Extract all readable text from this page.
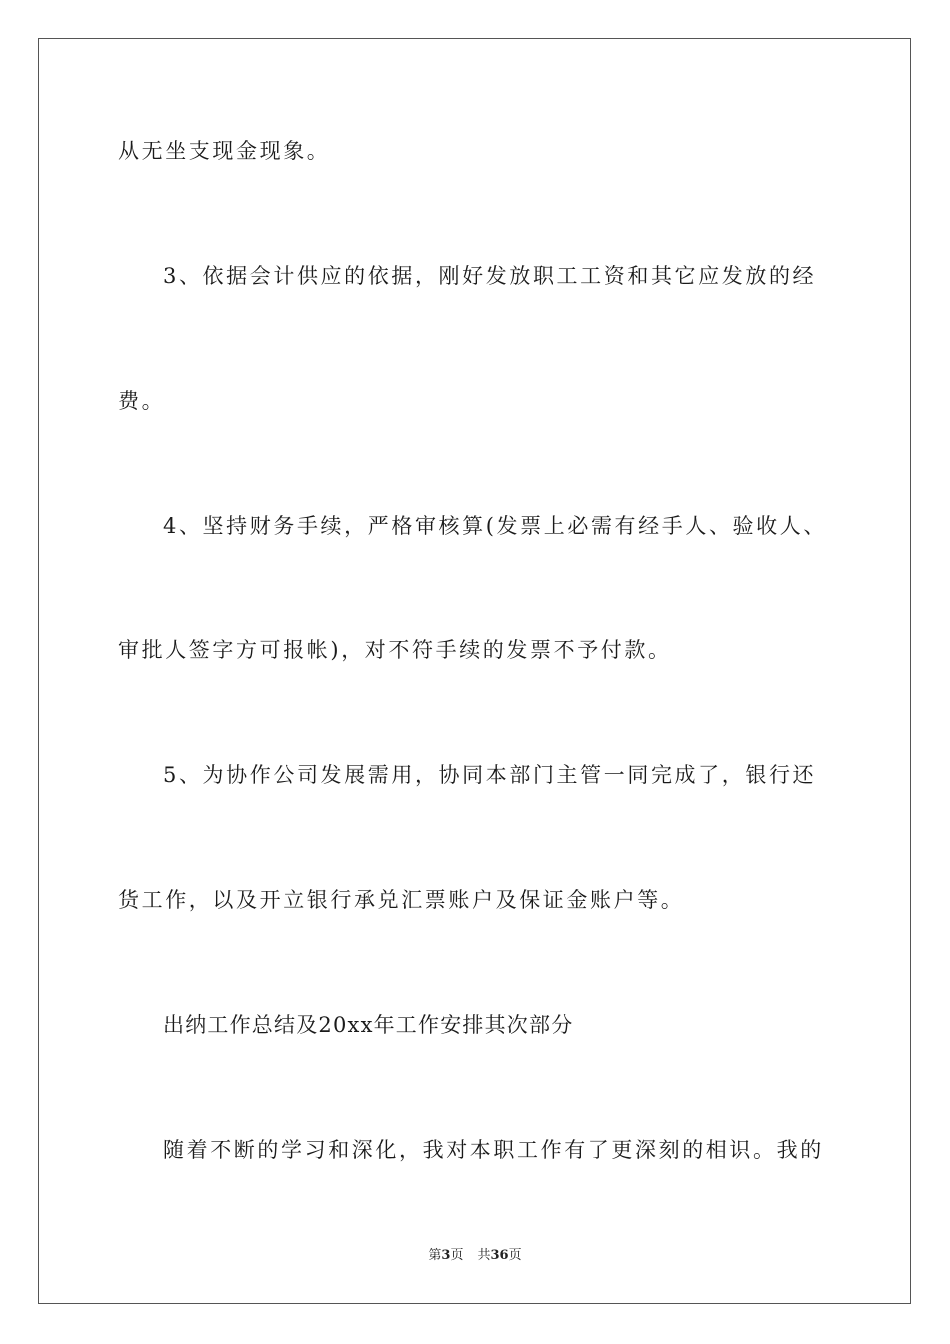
从无坐支现金现象。
3、依据会计供应的依据，刚好发放职工工资和其它应发放的经
费。
4、坚持财务手续，严格审核算(发票上必需有经手人、验收人、
审批人签字方可报帐)，对不符手续的发票不予付款。
5、为协作公司发展需用，协同本部门主管一同完成了，银行还
货工作，以及开立银行承兑汇票账户及保证金账户等。
出纳工作总结及20xx年工作安排其次部分
随着不断的学习和深化，我对本职工作有了更深刻的相识。我的
第3页 共36页
